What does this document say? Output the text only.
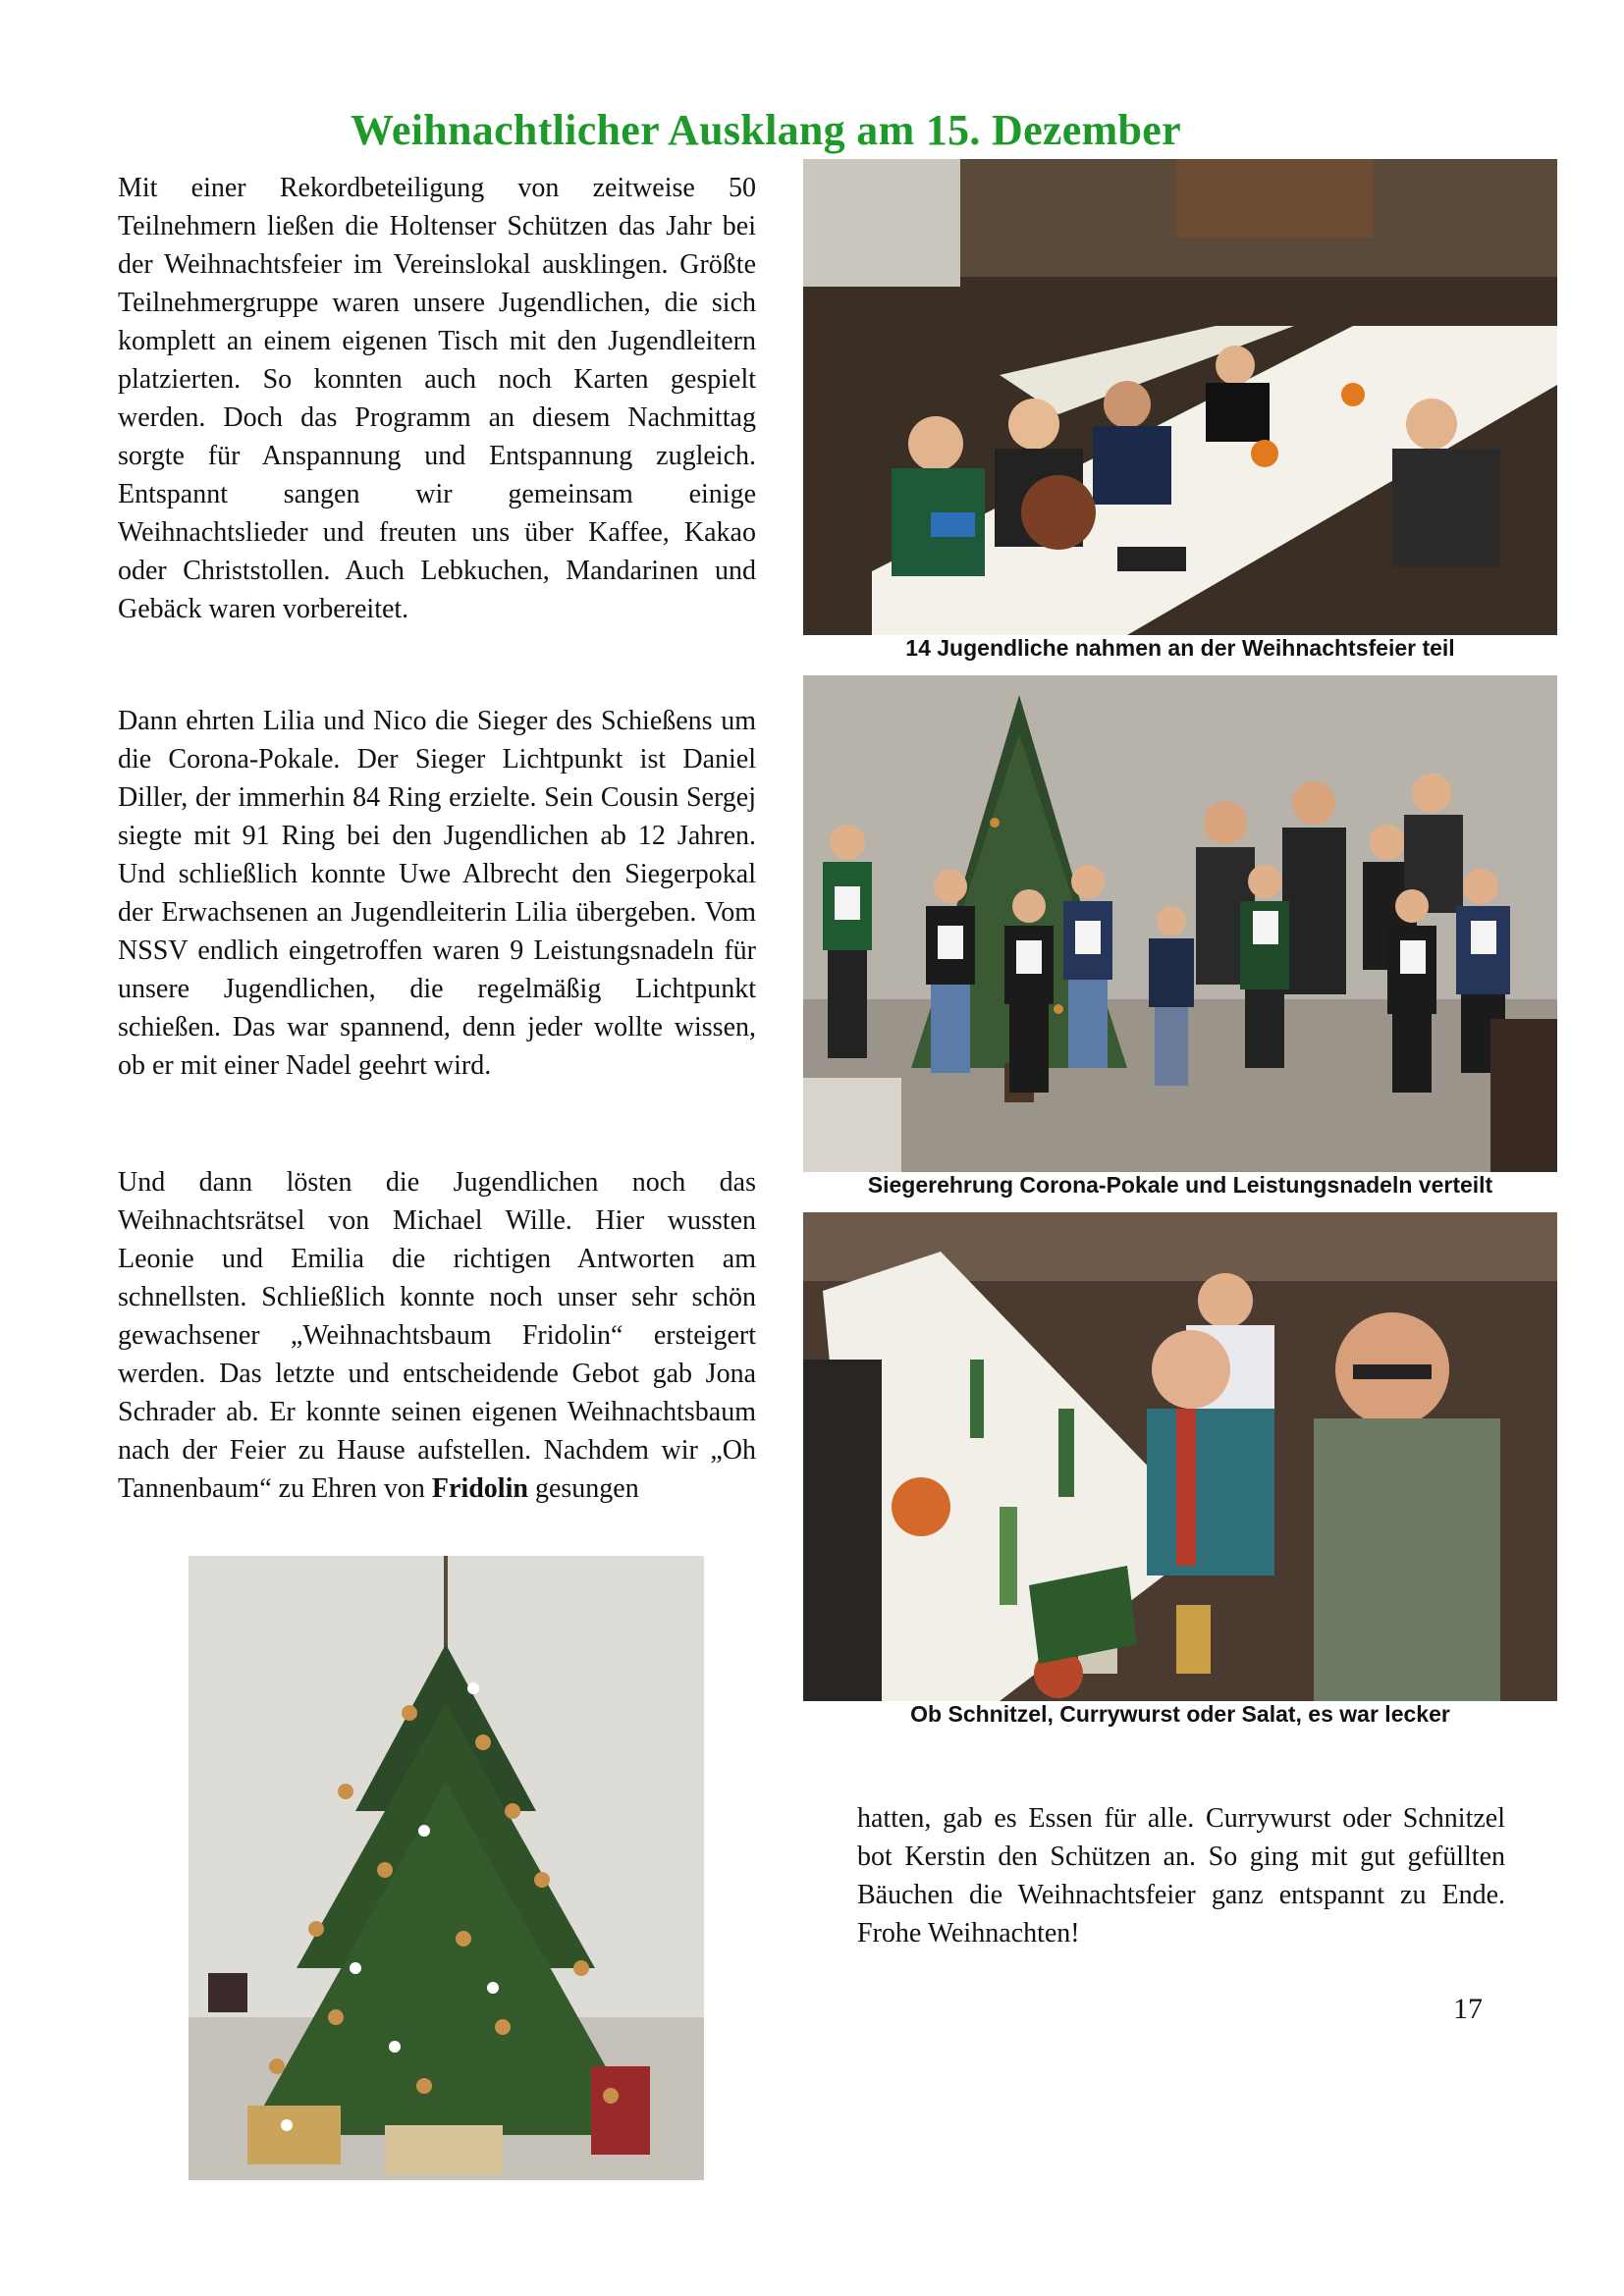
Weihnachtlicher Ausklang am 15. Dezember

Mit einer Rekordbeteiligung von zeitweise 50 Teilnehmern ließen die Holtenser Schützen das Jahr bei der Weihnachtsfeier im Vereinslokal ausklingen. Größte Teilnehmergruppe waren unsere Jugendlichen, die sich komplett an einem eigenen Tisch mit den Jugendleitern platzierten. So konnten auch noch Karten gespielt werden. Doch das Programm an diesem Nachmittag sorgte für Anspannung und Entspannung zugleich. Entspannt sangen wir gemeinsam einige Weihnachtslieder und freuten uns über Kaffee, Kakao oder Christstollen. Auch Lebkuchen, Mandarinen und Gebäck waren vorbereitet.

Dann ehrten Lilia und Nico die Sieger des Schießens um die Corona-Pokale. Der Sieger Lichtpunkt ist Daniel Diller, der immerhin 84 Ring erzielte. Sein Cousin Sergej siegte mit 91 Ring bei den Jugendlichen ab 12 Jahren. Und schließlich konnte Uwe Albrecht den Siegerpokal der Erwachsenen an Jugendleiterin Lilia übergeben. Vom NSSV endlich eingetroffen waren 9 Leistungsnadeln für unsere Jugendlichen, die regelmäßig Lichtpunkt schießen. Das war spannend, denn jeder wollte wissen, ob er mit einer Nadel geehrt wird.

Und dann lösten die Jugendlichen noch das Weihnachtsrätsel von Michael Wille. Hier wussten Leonie und Emilia die richtigen Antworten am schnellsten. Schließlich konnte noch unser sehr schön gewachsener „Weihnachtsbaum Fridolin“ ersteigert werden. Das letzte und entscheidende Gebot gab Jona Schrader ab. Er konnte seinen eigenen Weihnachtsbaum nach der Feier zu Hause aufstellen. Nachdem wir „Oh Tannenbaum“ zu Ehren von Fridolin gesungen

14 Jugendliche nahmen an der Weihnachtsfeier teil
Siegerehrung Corona-Pokale und Leistungsnadeln verteilt
Ob Schnitzel, Currywurst oder Salat, es war lecker
hatten, gab es Essen für alle. Currywurst oder Schnitzel bot Kerstin den Schützen an. So ging mit gut gefüllten Bäuchen die Weihnachtsfeier ganz entspannt zu Ende. Frohe Weihnachten!
17
